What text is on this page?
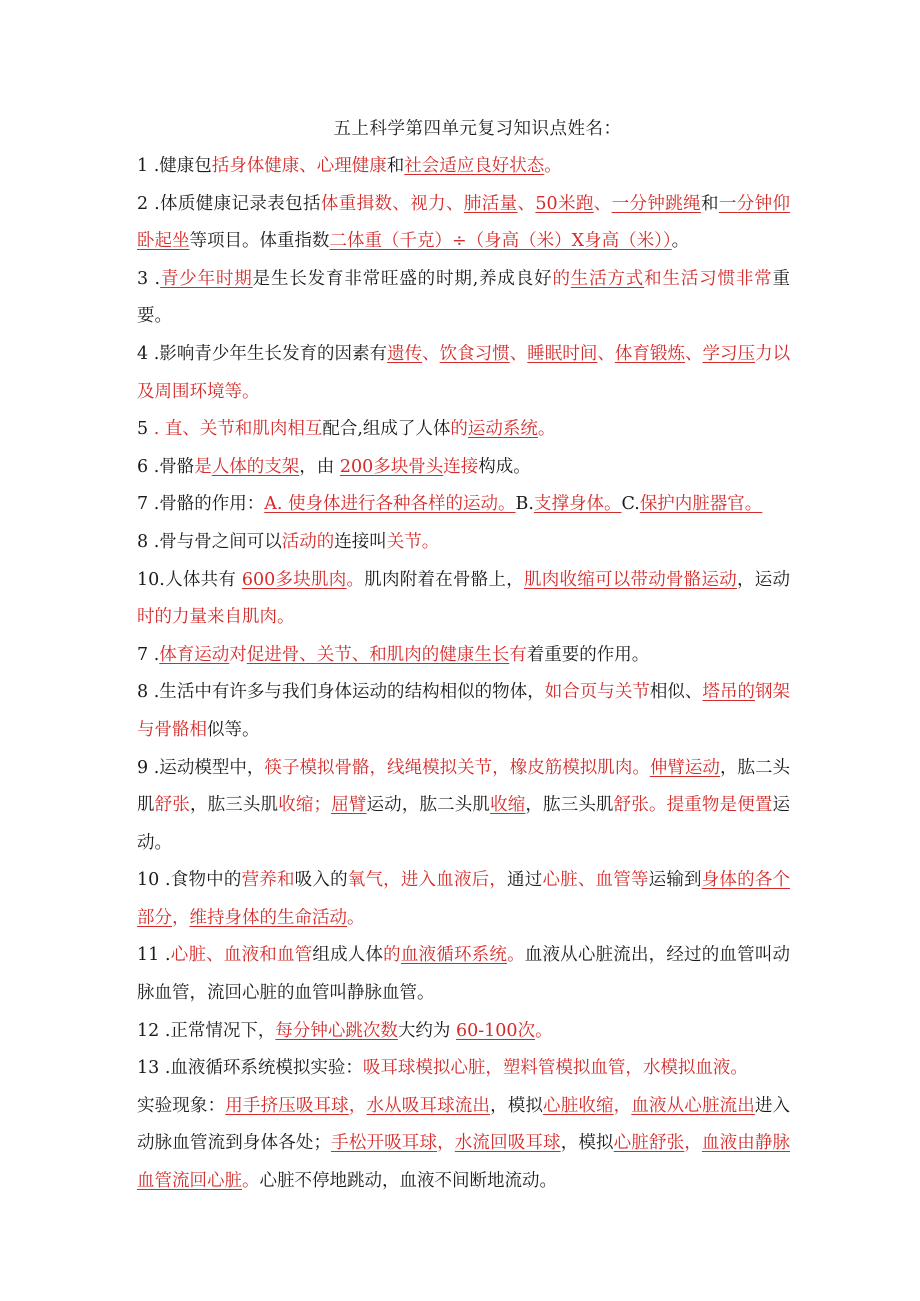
五上科学第四单元复习知识点姓名：

1 .健康包括身体健康、心理健康和社会适应良好状态。

2 .体质健康记录表包括体重揖数、视力、肺活量、50米跑、一分钟跳绳和一分钟仰卧起坐等项目。体重指数二体重（千克）÷（身高（米）X身高（米））。

3 .青少年时期是生长发育非常旺盛的时期,养成良好的生活方式和生活习惯非常重要。

4 .影响青少年生长发育的因素有遗传、饮食习惯、睡眠时间、体育锻炼、学习压力以及周围环境等。

5 . 直、关节和肌肉相互配合,组成了人体的运动系统。

6 .骨骼是人体的支架，由 200多块骨头连接构成。

7 .骨骼的作用：A. 使身体进行各种各样的运动。B.支撑身体。C.保护内脏器官。

8 .骨与骨之间可以活动的连接叫关节。

10.人体共有 600多块肌肉。肌肉附着在骨骼上，肌肉收缩可以带动骨骼运动，运动时的力量来自肌肉。

7 .体育运动对促进骨、关节、和肌肉的健康生长有着重要的作用。

8 .生活中有许多与我们身体运动的结构相似的物体，如合页与关节相似、塔吊的钢架与骨骼相似等。

9 .运动模型中，筷子模拟骨骼，线绳模拟关节，橡皮筋模拟肌肉。伸臂运动，肱二头肌舒张，肱三头肌收缩；屈臂运动，肱二头肌收缩，肱三头肌舒张。提重物是便置运动。

10 .食物中的营养和吸入的氧气，进入血液后，通过心脏、血管等运输到身体的各个部分，维持身体的生命活动。

11 .心脏、血液和血管组成人体的血液循环系统。血液从心脏流出，经过的血管叫动脉血管，流回心脏的血管叫静脉血管。

12 .正常情况下，每分钟心跳次数大约为 60-100次。

13 .血液循环系统模拟实验：吸耳球模拟心脏，塑料管模拟血管，水模拟血液。

实验现象：用手挤压吸耳球，水从吸耳球流出，模拟心脏收缩，血液从心脏流出进入动脉血管流到身体各处；手松开吸耳球，水流回吸耳球，模拟心脏舒张，血液由静脉血管流回心脏。心脏不停地跳动，血液不间断地流动。
